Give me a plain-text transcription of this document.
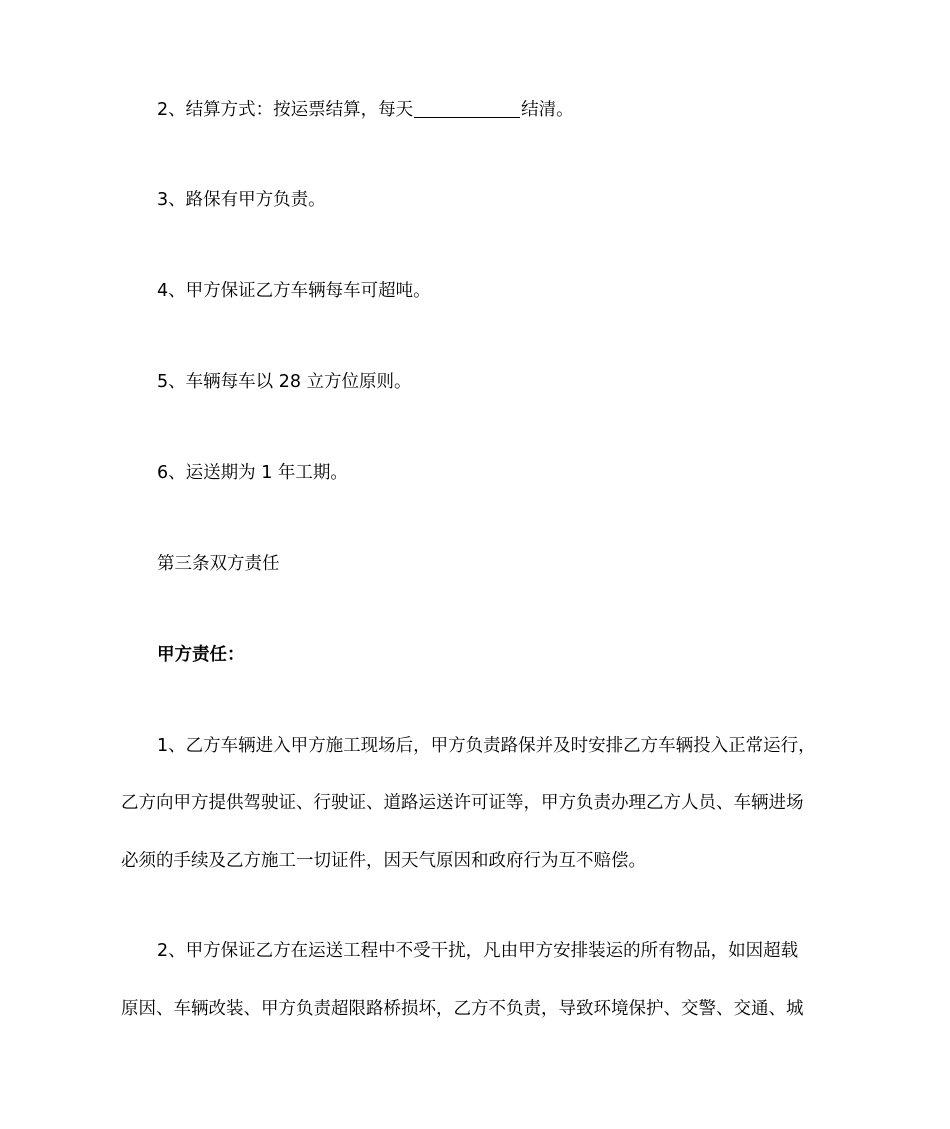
2、结算方式：按运票结算，每天	结清。
3、路保有甲方负责。
4、甲方保证乙方车辆每车可超吨。
5、车辆每车以 28 立方位原则。
6、运送期为 1 年工期。
第三条双方责任
甲方责任：
1、乙方车辆进入甲方施工现场后，甲方负责路保并及时安排乙方车辆投入正常运行，
乙方向甲方提供驾驶证、行驶证、道路运送许可证等，甲方负责办理乙方人员、车辆进场
必须的手续及乙方施工一切证件，因天气原因和政府行为互不赔偿。
2、甲方保证乙方在运送工程中不受干扰，凡由甲方安排装运的所有物品，如因超载
原因、车辆改装、甲方负责超限路桥损坏，乙方不负责，导致环境保护、交警、交通、城
